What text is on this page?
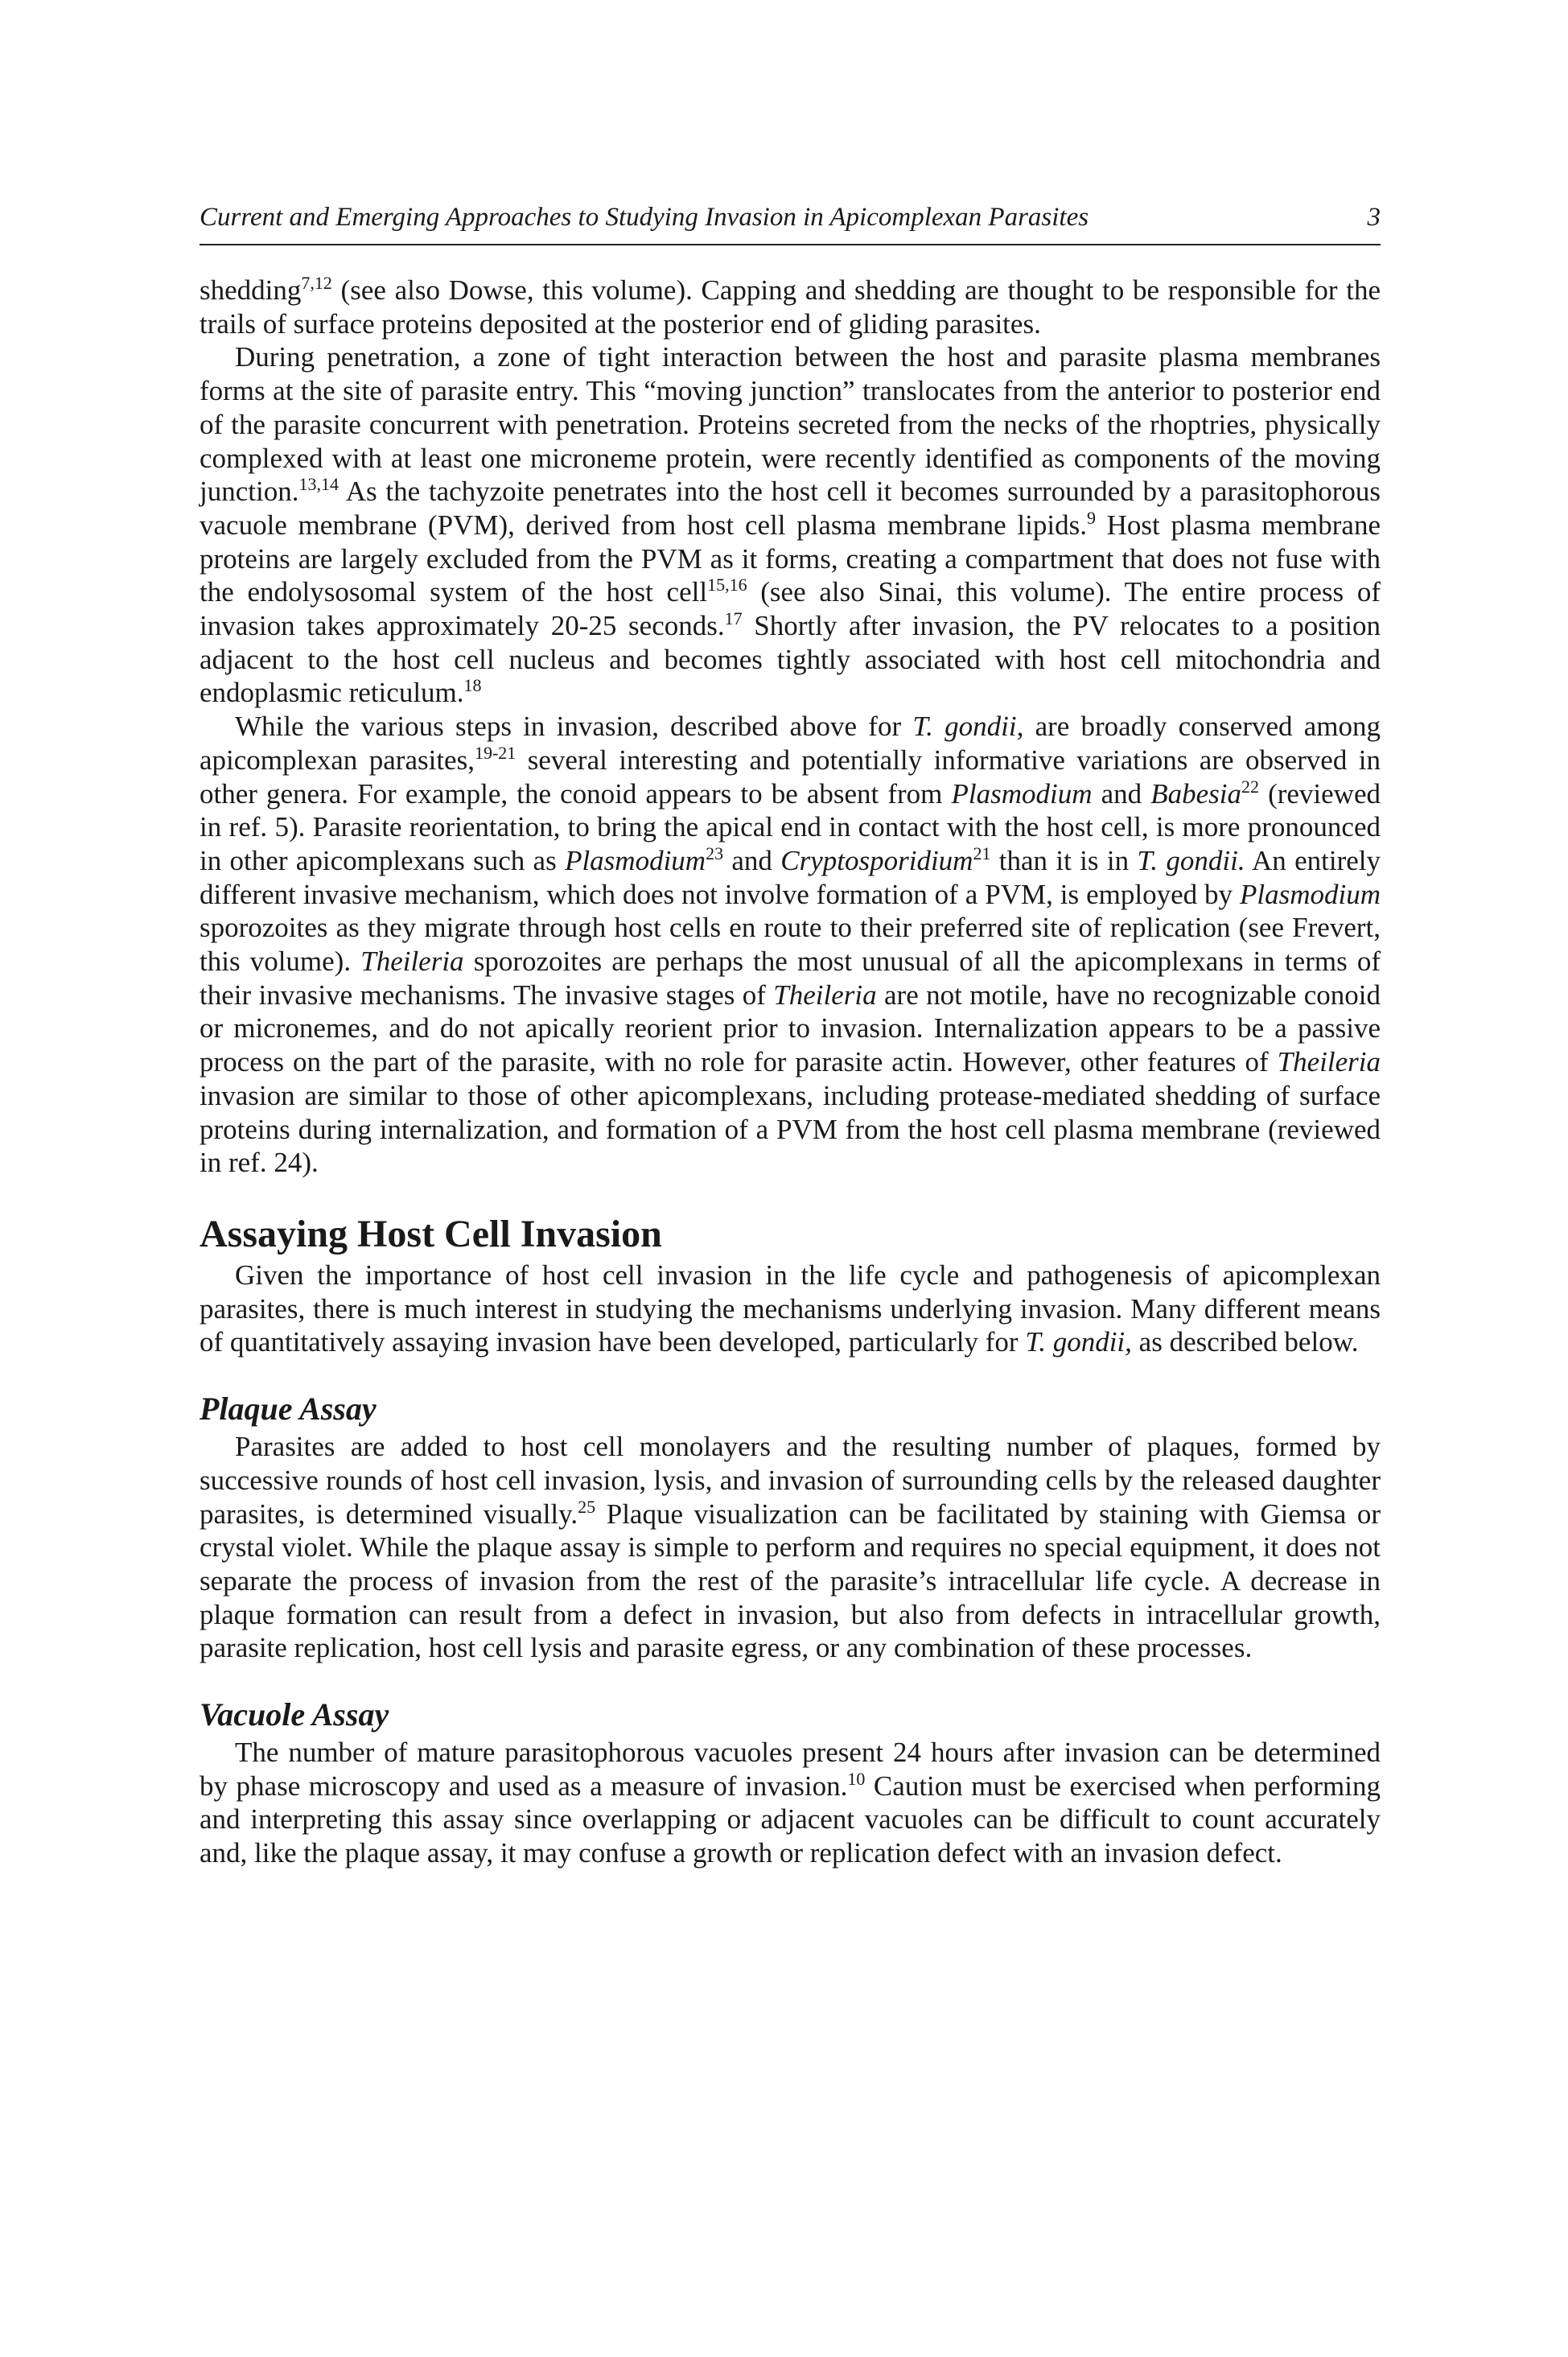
Current and Emerging Approaches to Studying Invasion in Apicomplexan Parasites	3

shedding$^{7,12}$ (see also Dowse, this volume). Capping and shedding are thought to be responsible for the trails of surface proteins deposited at the posterior end of gliding parasites.

During penetration, a zone of tight interaction between the host and parasite plasma membranes forms at the site of parasite entry. This “moving junction” translocates from the anterior to posterior end of the parasite concurrent with penetration. Proteins secreted from the necks of the rhoptries, physically complexed with at least one microneme protein, were recently identified as components of the moving junction.$^{13,14}$ As the tachyzoite penetrates into the host cell it becomes surrounded by a parasitophorous vacuole membrane (PVM), derived from host cell plasma membrane lipids.$^9$ Host plasma membrane proteins are largely excluded from the PVM as it forms, creating a compartment that does not fuse with the endolysosomal system of the host cell$^{15,16}$ (see also Sinai, this volume). The entire process of invasion takes approximately 20-25 seconds.$^{17}$ Shortly after invasion, the PV relocates to a position adjacent to the host cell nucleus and becomes tightly associated with host cell mitochondria and endoplasmic reticulum.$^{18}$

While the various steps in invasion, described above for T. gondii, are broadly conserved among apicomplexan parasites,$^{19-21}$ several interesting and potentially informative variations are observed in other genera. For example, the conoid appears to be absent from Plasmodium and Babesia$^{22}$ (reviewed in ref. 5). Parasite reorientation, to bring the apical end in contact with the host cell, is more pronounced in other apicomplexans such as Plasmodium$^{23}$ and Cryptosporidium$^{21}$ than it is in T. gondii. An entirely different invasive mechanism, which does not involve formation of a PVM, is employed by Plasmodium sporozoites as they migrate through host cells en route to their preferred site of replication (see Frevert, this volume). Theileria sporozoites are perhaps the most unusual of all the apicomplexans in terms of their invasive mechanisms. The invasive stages of Theileria are not motile, have no recognizable conoid or micronemes, and do not apically reorient prior to invasion. Internalization appears to be a passive process on the part of the parasite, with no role for parasite actin. However, other features of Theileria invasion are similar to those of other apicomplexans, including protease-mediated shedding of surface proteins during internalization, and formation of a PVM from the host cell plasma membrane (reviewed in ref. 24).

Assaying Host Cell Invasion

Given the importance of host cell invasion in the life cycle and pathogenesis of apicomplexan parasites, there is much interest in studying the mechanisms underlying invasion. Many different means of quantitatively assaying invasion have been developed, particularly for T. gondii, as described below.

Plaque Assay

Parasites are added to host cell monolayers and the resulting number of plaques, formed by successive rounds of host cell invasion, lysis, and invasion of surrounding cells by the released daughter parasites, is determined visually.$^{25}$ Plaque visualization can be facilitated by staining with Giemsa or crystal violet. While the plaque assay is simple to perform and requires no special equipment, it does not separate the process of invasion from the rest of the parasite’s intracellular life cycle. A decrease in plaque formation can result from a defect in invasion, but also from defects in intracellular growth, parasite replication, host cell lysis and parasite egress, or any combination of these processes.

Vacuole Assay

The number of mature parasitophorous vacuoles present 24 hours after invasion can be determined by phase microscopy and used as a measure of invasion.$^{10}$ Caution must be exercised when performing and interpreting this assay since overlapping or adjacent vacuoles can be difficult to count accurately and, like the plaque assay, it may confuse a growth or replication defect with an invasion defect.
